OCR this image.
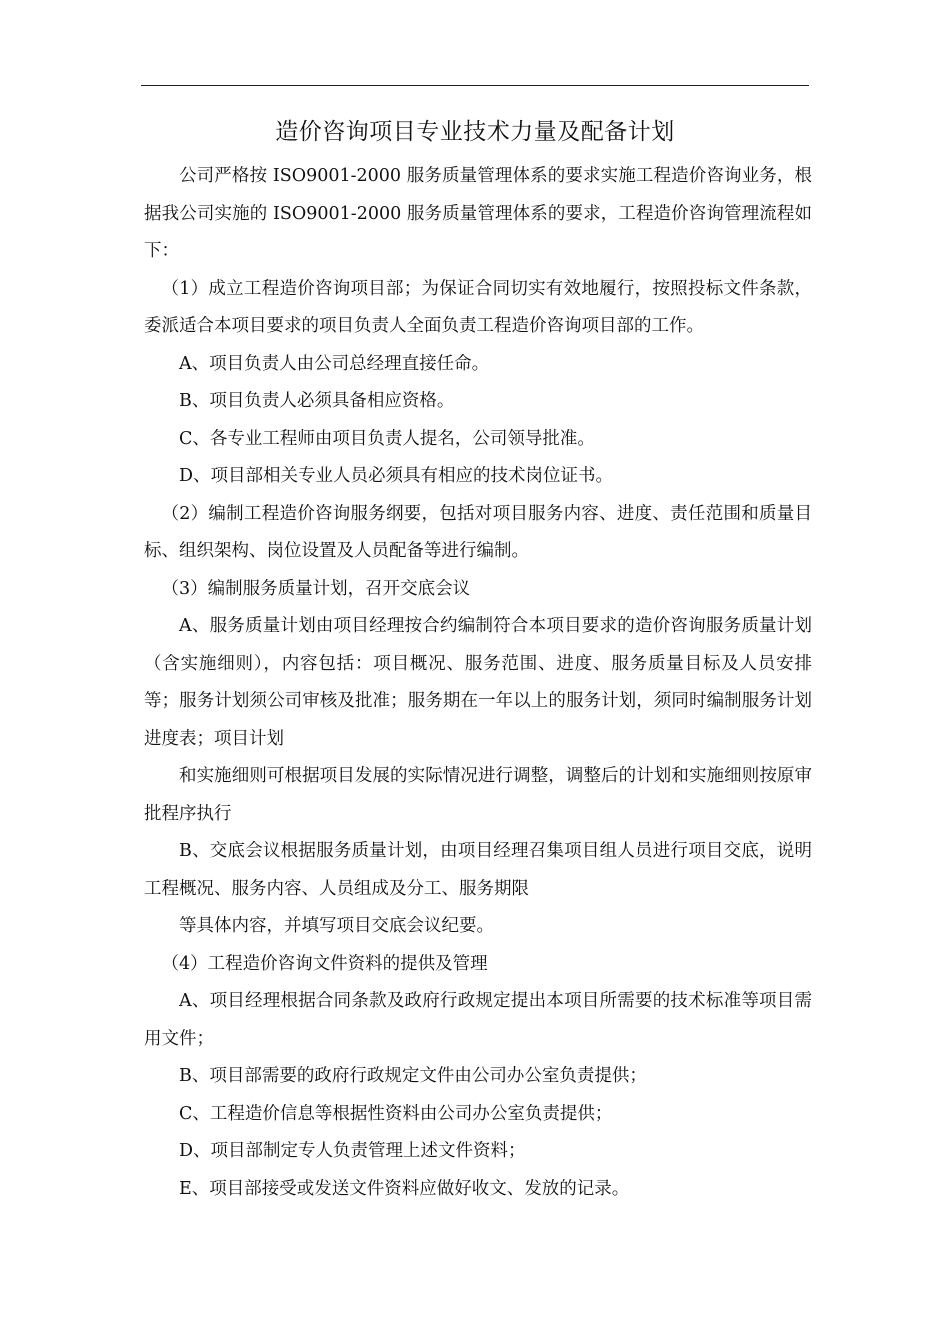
造价咨询项目专业技术力量及配备计划

公司严格按 ISO9001-2000 服务质量管理体系的要求实施工程造价咨询业务，根据我公司实施的 ISO9001-2000 服务质量管理体系的要求，工程造价咨询管理流程如下：

（1）成立工程造价咨询项目部；为保证合同切实有效地履行，按照投标文件条款，委派适合本项目要求的项目负责人全面负责工程造价咨询项目部的工作。

A、项目负责人由公司总经理直接任命。

B、项目负责人必须具备相应资格。

C、各专业工程师由项目负责人提名，公司领导批准。

D、项目部相关专业人员必须具有相应的技术岗位证书。

（2）编制工程造价咨询服务纲要，包括对项目服务内容、进度、责任范围和质量目标、组织架构、岗位设置及人员配备等进行编制。

（3）编制服务质量计划，召开交底会议

A、服务质量计划由项目经理按合约编制符合本项目要求的造价咨询服务质量计划（含实施细则），内容包括：项目概况、服务范围、进度、服务质量目标及人员安排等；服务计划须公司审核及批准；服务期在一年以上的服务计划，须同时编制服务计划进度表；项目计划

和实施细则可根据项目发展的实际情况进行调整，调整后的计划和实施细则按原审批程序执行

B、交底会议根据服务质量计划，由项目经理召集项目组人员进行项目交底，说明工程概况、服务内容、人员组成及分工、服务期限

等具体内容，并填写项目交底会议纪要。

（4）工程造价咨询文件资料的提供及管理

A、项目经理根据合同条款及政府行政规定提出本项目所需要的技术标准等项目需用文件；

B、项目部需要的政府行政规定文件由公司办公室负责提供；

C、工程造价信息等根据性资料由公司办公室负责提供；

D、项目部制定专人负责管理上述文件资料；

E、项目部接受或发送文件资料应做好收文、发放的记录。
